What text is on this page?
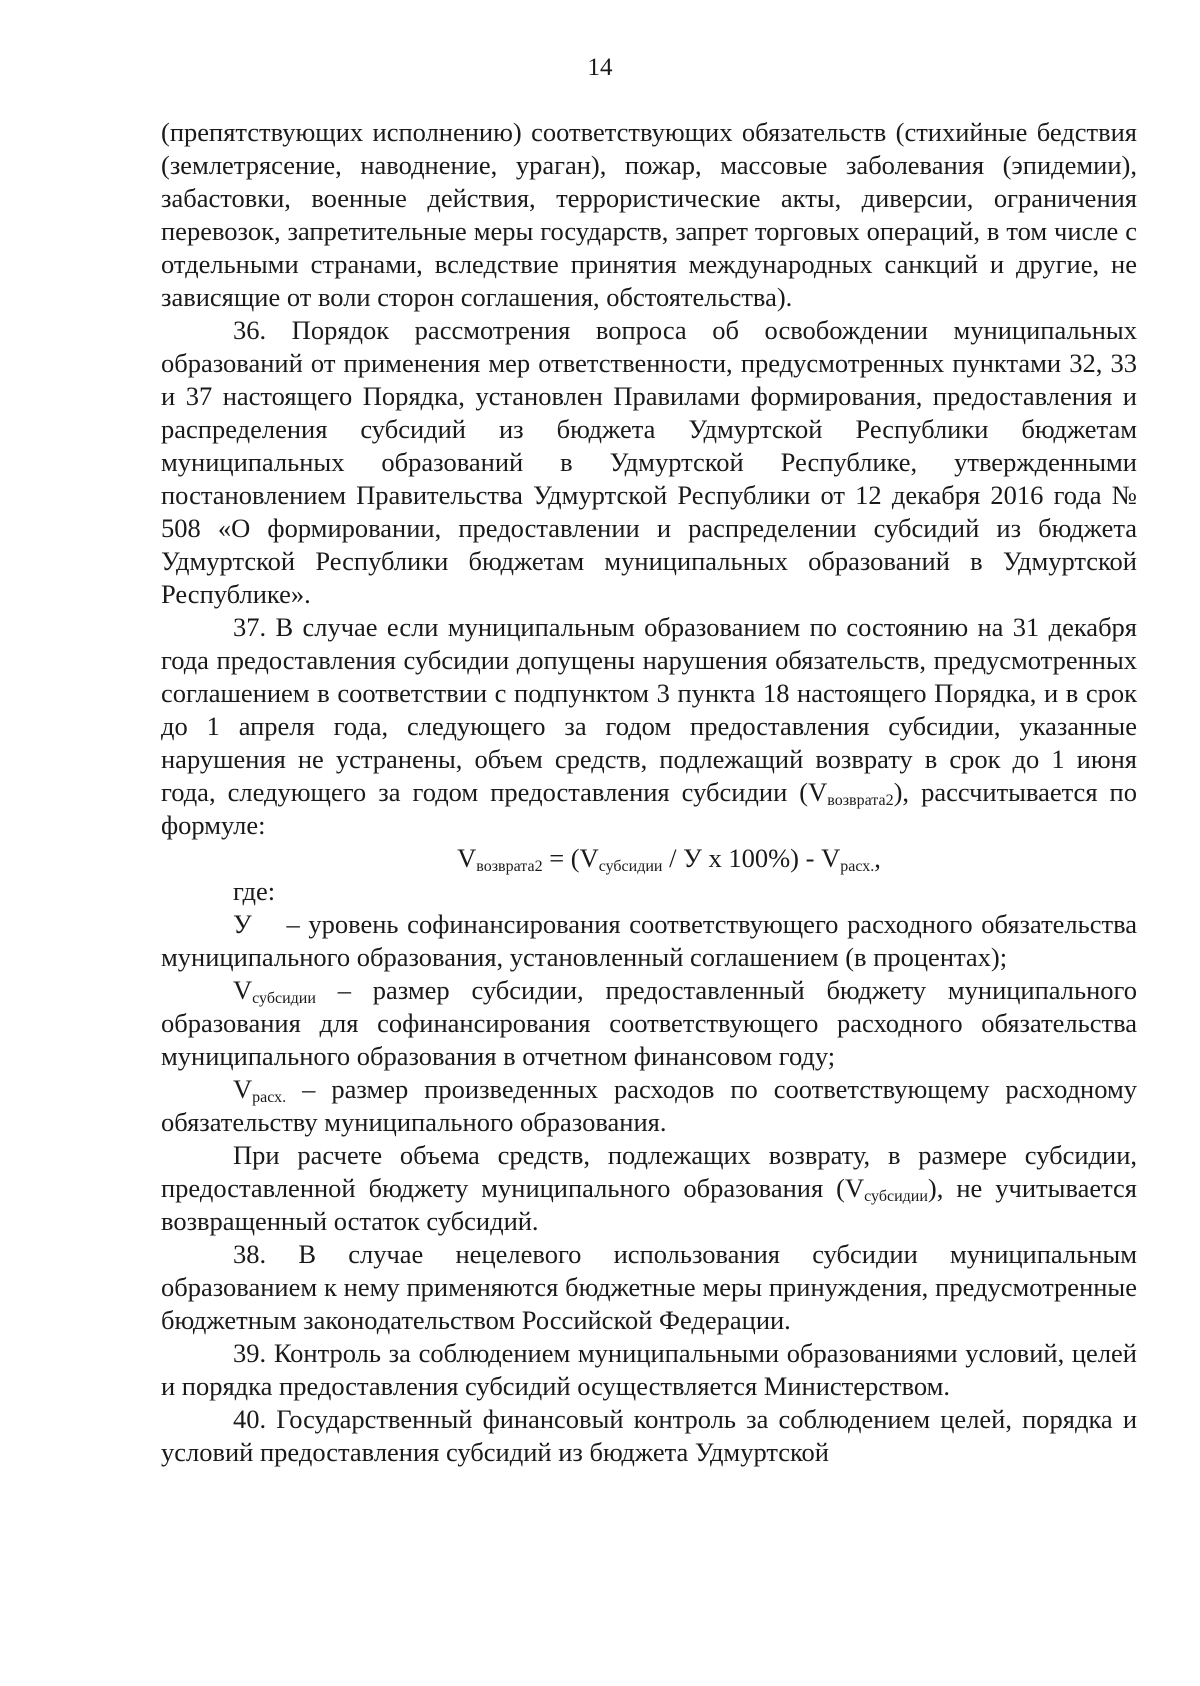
14

(препятствующих исполнению) соответствующих обязательств (стихийные бедствия (землетрясение, наводнение, ураган), пожар, массовые заболевания (эпидемии), забастовки, военные действия, террористические акты, диверсии, ограничения перевозок, запретительные меры государств, запрет торговых операций, в том числе с отдельными странами, вследствие принятия международных санкций и другие, не зависящие от воли сторон соглашения, обстоятельства).

36. Порядок рассмотрения вопроса об освобождении муниципальных образований от применения мер ответственности, предусмотренных пунктами 32, 33 и 37 настоящего Порядка, установлен Правилами формирования, предоставления и распределения субсидий из бюджета Удмуртской Республики бюджетам муниципальных образований в Удмуртской Республике, утвержденными постановлением Правительства Удмуртской Республики от 12 декабря 2016 года № 508 «О формировании, предоставлении и распределении субсидий из бюджета Удмуртской Республики бюджетам муниципальных образований в Удмуртской Республике».

37. В случае если муниципальным образованием по состоянию на 31 декабря года предоставления субсидии допущены нарушения обязательств, предусмотренных соглашением в соответствии с подпунктом 3 пункта 18 настоящего Порядка, и в срок до 1 апреля года, следующего за годом предоставления субсидии, указанные нарушения не устранены, объем средств, подлежащий возврату в срок до 1 июня года, следующего за годом предоставления субсидии $(V_{возврата2})$, рассчитывается по формуле:

$V_{возврата2} = (V_{субсидии} / У$ x $100\%) - V_{расх.}$,

где:

У – уровень софинансирования соответствующего расходного обязательства муниципального образования, установленный соглашением (в процентах);

$V_{субсидии}$ – размер субсидии, предоставленный бюджету муниципального образования для софинансирования соответствующего расходного обязательства муниципального образования в отчетном финансовом году;

$V_{расх.}$ – размер произведенных расходов по соответствующему расходному обязательству муниципального образования.

При расчете объема средств, подлежащих возврату, в размере субсидии, предоставленной бюджету муниципального образования $(V_{субсидии})$, не учитывается возвращенный остаток субсидий.

38. В случае нецелевого использования субсидии муниципальным образованием к нему применяются бюджетные меры принуждения, предусмотренные бюджетным законодательством Российской Федерации.

39. Контроль за соблюдением муниципальными образованиями условий, целей и порядка предоставления субсидий осуществляется Министерством.

40. Государственный финансовый контроль за соблюдением целей, порядка и условий предоставления субсидий из бюджета Удмуртской
